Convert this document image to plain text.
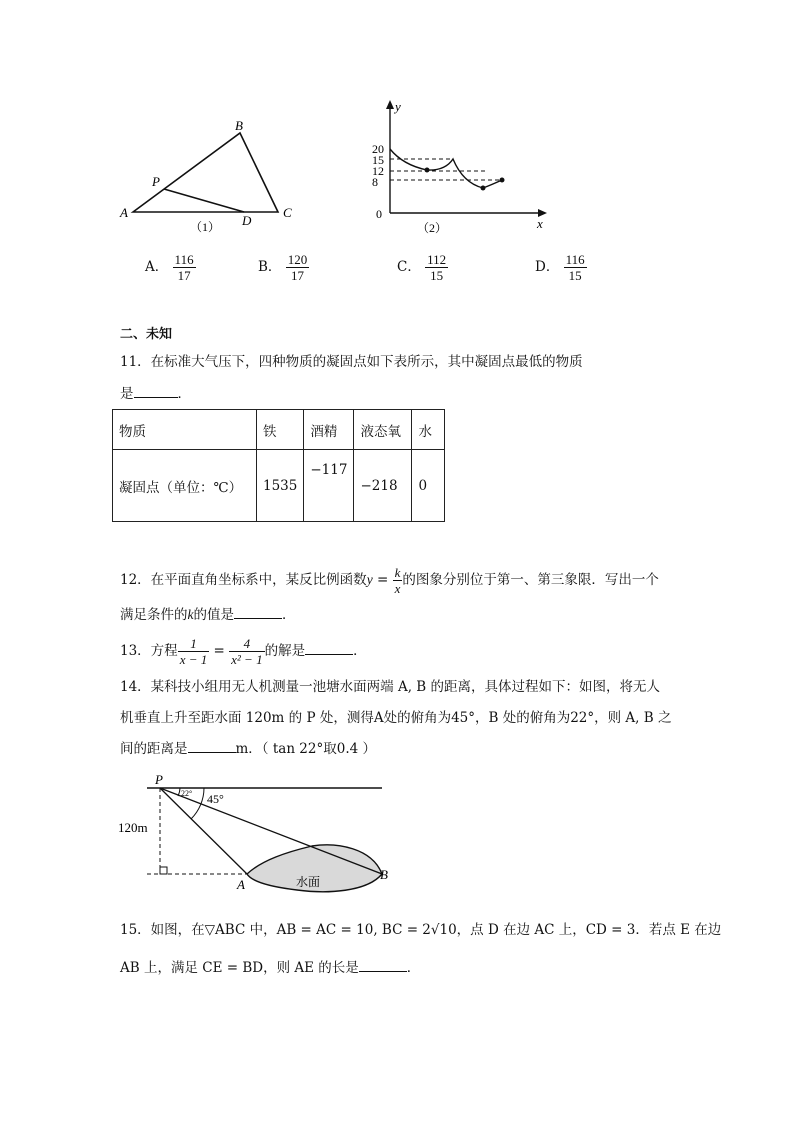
A
B
C
D
P
（1）
y
x
0
20
15
12
8
（2）
A． $\frac{116}{17}$	B． $\frac{120}{17}$	C． $\frac{112}{15}$	D． $\frac{116}{15}$
二、未知
11．在标准大气压下，四种物质的凝固点如下表所示，其中凝固点最低的物质
是	．
物质	铁	酒精	液态氧	水
凝固点（单位：℃）	1535	−117	−218	0
12．在平面直角坐标系中，某反比例函数$y = \frac{k}{x}$ 的图象分别位于第一、第三象限．写出一个
满足条件的k的值是	．
13．方程 $\frac{1}{x - 1} = \frac{4}{\text{x² − 1}}$ 的解是	．
14．某科技小组用无人机测量一池塘水面两端 A, B 的距离，具体过程如下：如图，将无人
机垂直上升至距水面 120m 的 P 处，测得A处的俯角为45°，B 处的俯角为22°，则 A, B 之
间的距离是	m．（ tan 22°取0.4 ）
P
22° 45°
120m
A
B
水面
15．如图，在▽ABC 中，AB = AC = 10, BC = 2√10，点 D 在边 AC 上，CD = 3．若点 E 在边
AB 上，满足 CE = BD，则 AE 的长是	．
